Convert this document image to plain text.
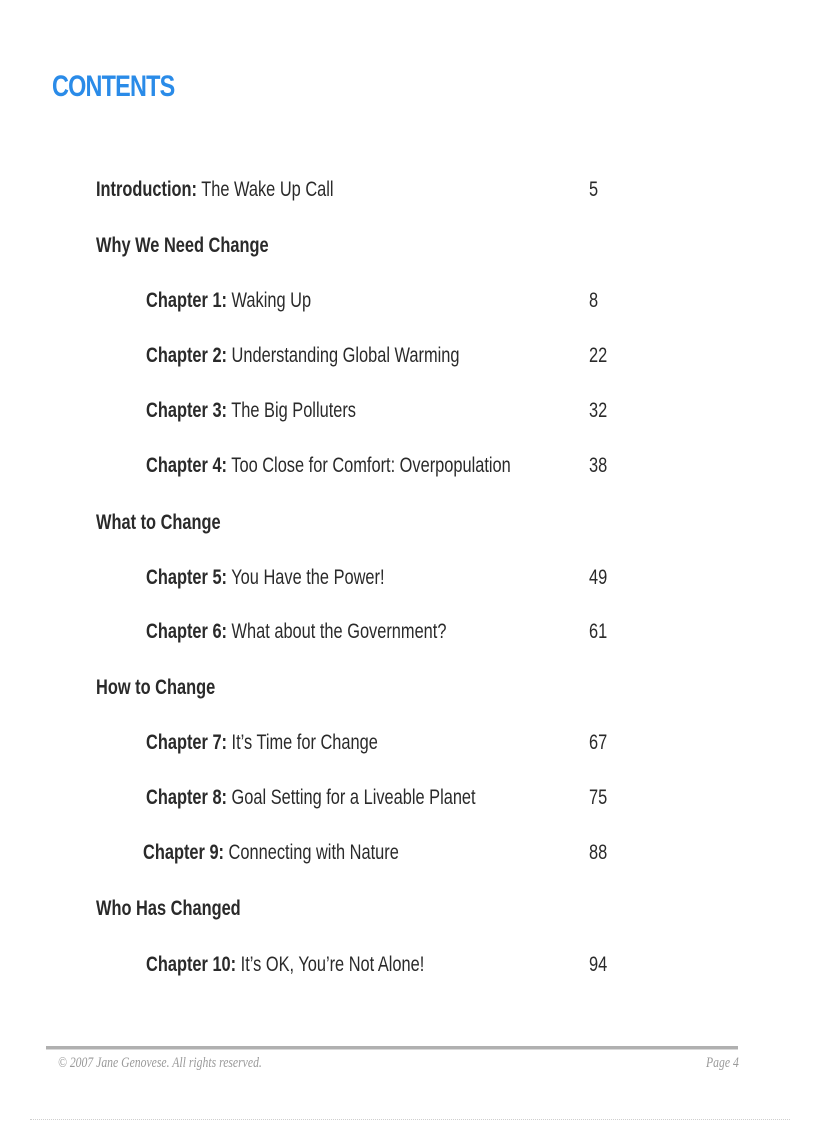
CONTENTS
Introduction: The Wake Up Call	5
Why We Need Change
Chapter 1: Waking Up	8
Chapter 2: Understanding Global Warming	22
Chapter 3: The Big Polluters	32
Chapter 4: Too Close for Comfort: Overpopulation	38
What to Change
Chapter 5: You Have the Power!	49
Chapter 6: What about the Government?	61
How to Change
Chapter 7: It’s Time for Change	67
Chapter 8: Goal Setting for a Liveable Planet	75
Chapter 9: Connecting with Nature	88
Who Has Changed
Chapter 10: It’s OK, You’re Not Alone!	94
© 2007 Jane Genovese. All rights reserved.	Page 4
